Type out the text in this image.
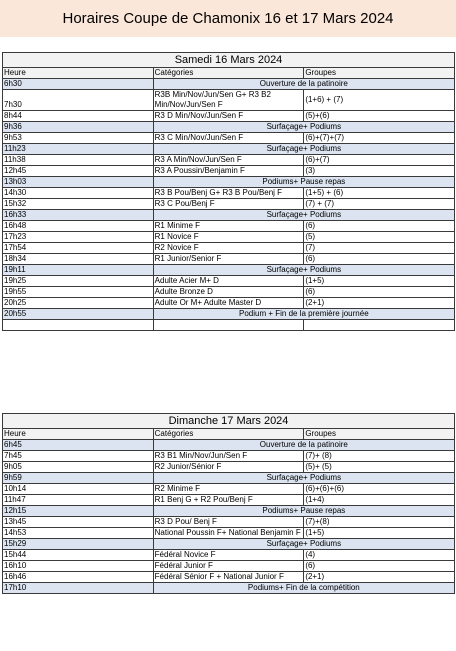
Horaires Coupe de Chamonix 16 et 17 Mars 2024
Samedi 16 Mars 2024		
Heure	Catégories	Groupes
6h30	Ouverture de la patinoire	
7h30	R3B Min/Nov/Jun/Sen G+ R3 B2 Min/Nov/Jun/Sen F	(1+6) + (7)
8h44	R3 D Min/Nov/Jun/Sen F	(5)+(6)
9h36	Surfaçage+ Podiums	
9h53	R3 C Min/Nov/Jun/Sen F	(6)+(7)+(7)
11h23	Surfaçage+ Podiums	
11h38	R3 A Min/Nov/Jun/Sen F	(6)+(7)
12h45	R3 A Poussin/Benjamin F	(3)
13h03	Podiums+ Pause repas	
14h30	R3 B Pou/Benj G+ R3 B Pou/Benj F	(1+5) + (6)
15h32	R3 C Pou/Benj F	(7) + (7)
16h33	Surfaçage+ Podiums	
16h48	R1 Minime F	(6)
17h23	R1 Novice F	(5)
17h54	R2 Novice F	(7)
18h34	R1 Junior/Senior F	(6)
19h11	Surfaçage+ Podiums	
19h25	Adulte Acier M+ D	(1+5)
19h55	Adulte Bronze D	(6)
20h25	Adulte Or M+ Adulte Master D	(2+1)
20h55	Podium + Fin de la première journée	

Dimanche 17 Mars 2024		
Heure	Catégories	Groupes
6h45	Ouverture de la patinoire	
7h45	R3 B1 Min/Nov/Jun/Sen F	(7)+ (8)
9h05	R2 Junior/Sénior F	(5)+ (5)
9h59	Surfaçage+ Podiums	
10h14	R2 Minime F	(6)+(6)+(6)
11h47	R1 Benj G + R2 Pou/Benj F	(1+4)
12h15	Podiums+ Pause repas	
13h45	R3 D Pou/ Benj F	(7)+(8)
14h53	National Poussin F+ National Benjamin F	(1+5)
15h29	Surfaçage+ Podiums	
15h44	Fédéral Novice F	(4)
16h10	Fédéral Junior F	(6)
16h46	Fédéral Sénior F + National Junior F	(2+1)
17h10	Podiums+ Fin de la compétition	
